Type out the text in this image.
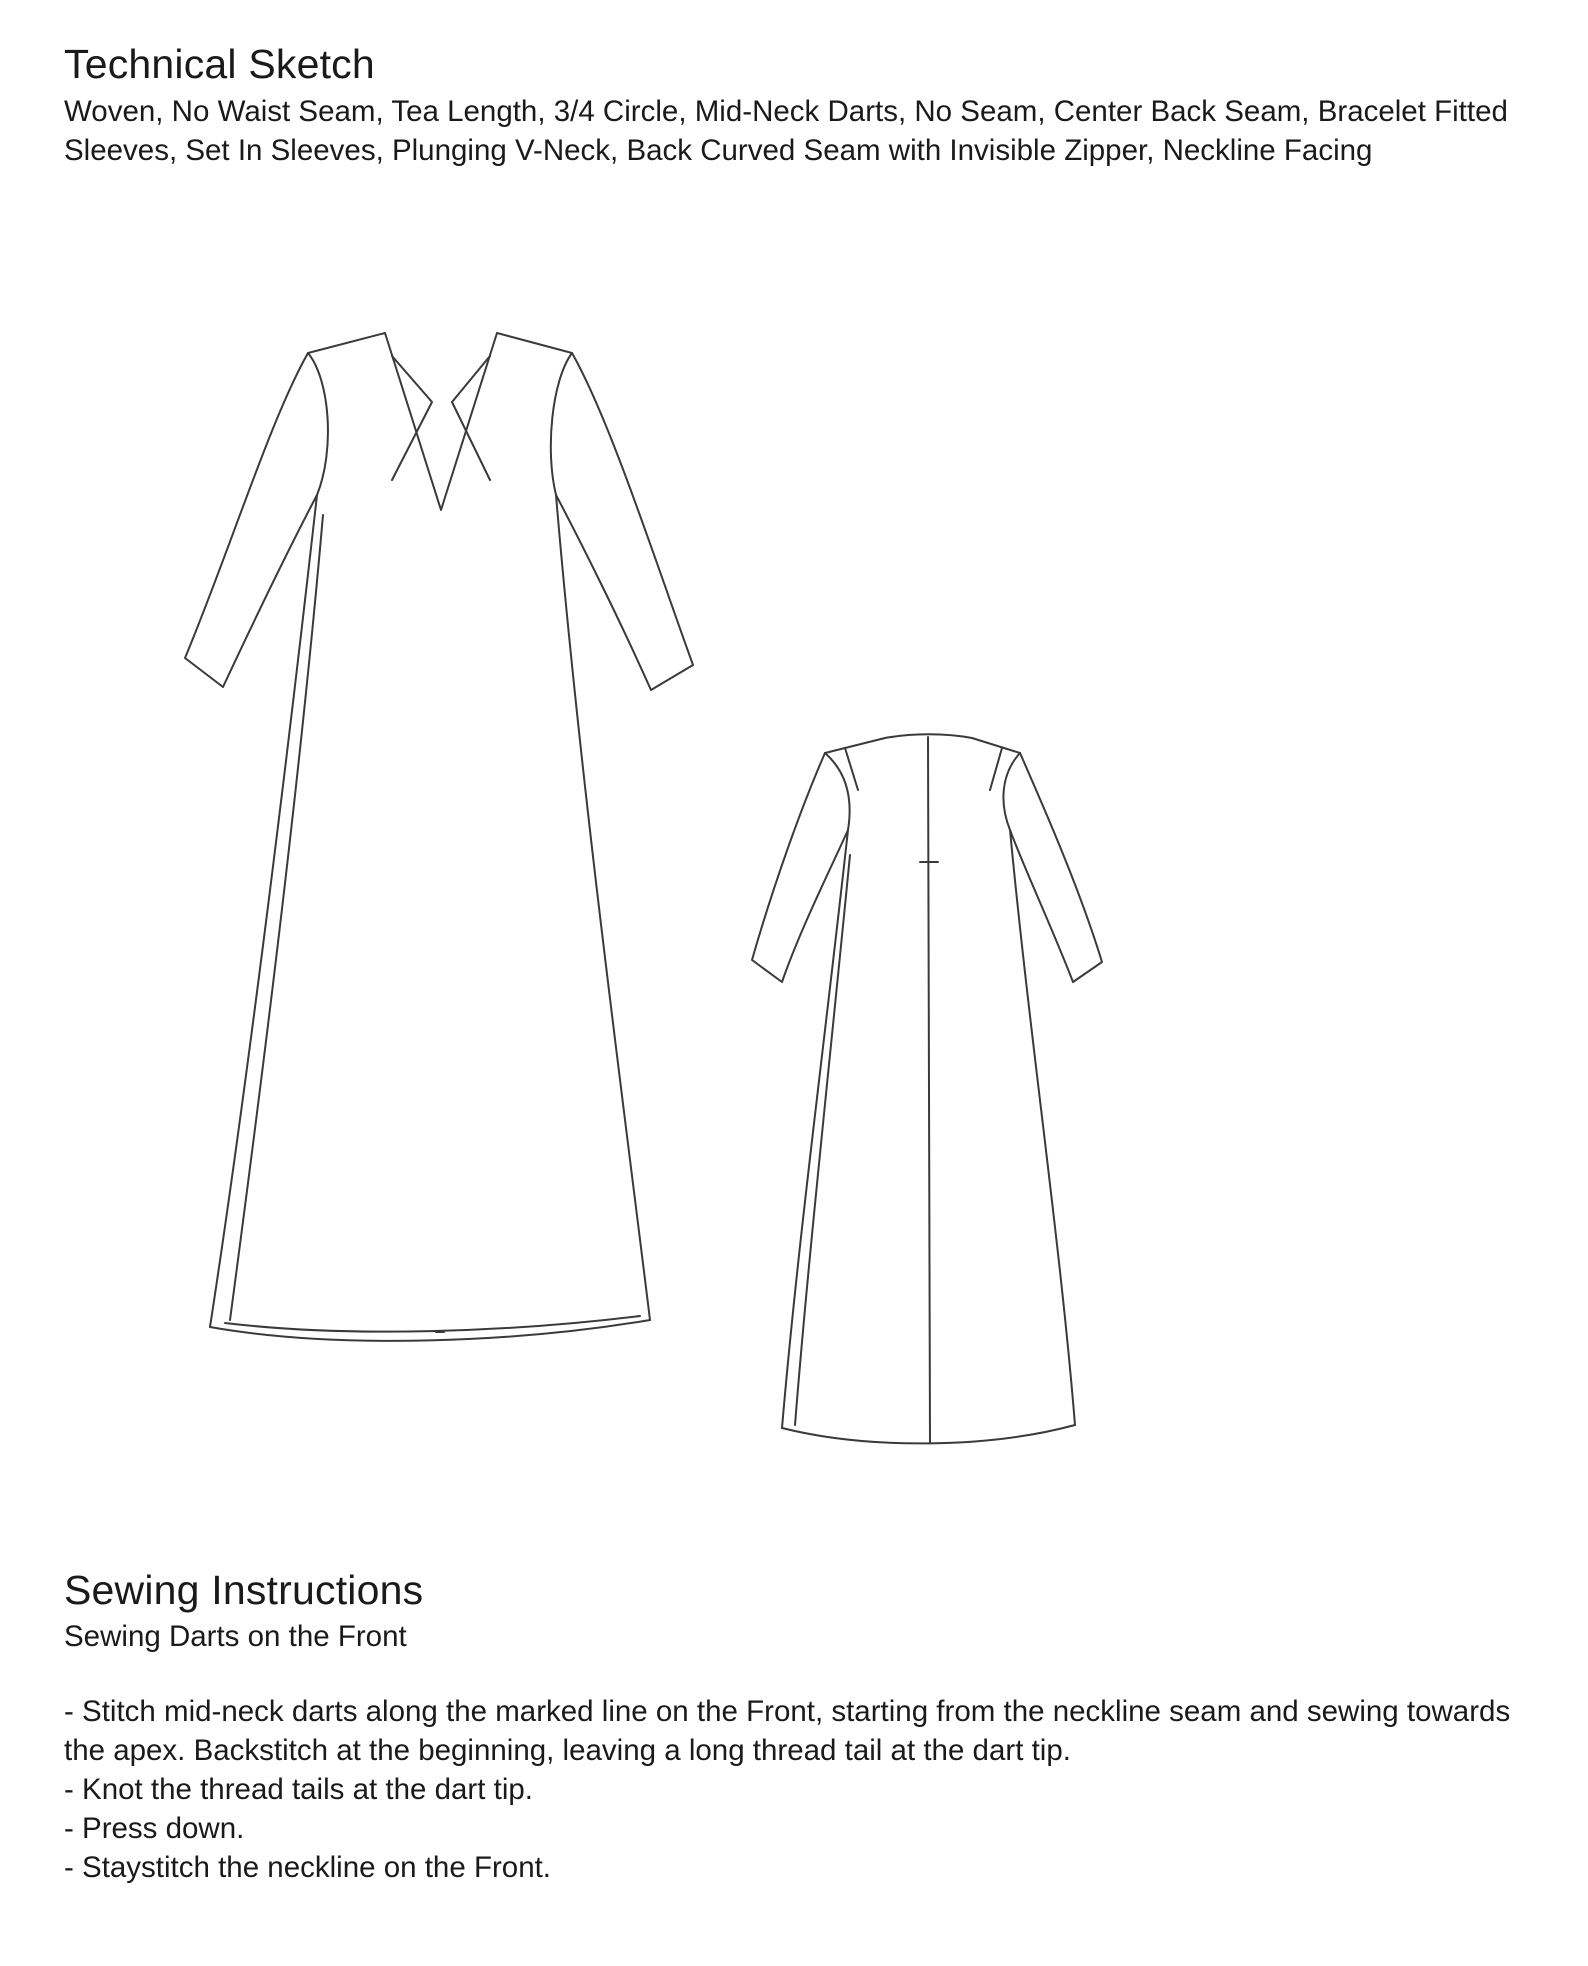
Technical Sketch

Woven, No Waist Seam, Tea Length, 3/4 Circle, Mid-Neck Darts, No Seam, Center Back Seam, Bracelet Fitted Sleeves, Set In Sleeves, Plunging V-Neck, Back Curved Seam with Invisible Zipper, Neckline Facing

Sewing Instructions

Sewing Darts on the Front

- Stitch mid-neck darts along the marked line on the Front, starting from the neckline seam and sewing towards the apex. Backstitch at the beginning, leaving a long thread tail at the dart tip.
- Knot the thread tails at the dart tip.
- Press down.
- Staystitch the neckline on the Front.
